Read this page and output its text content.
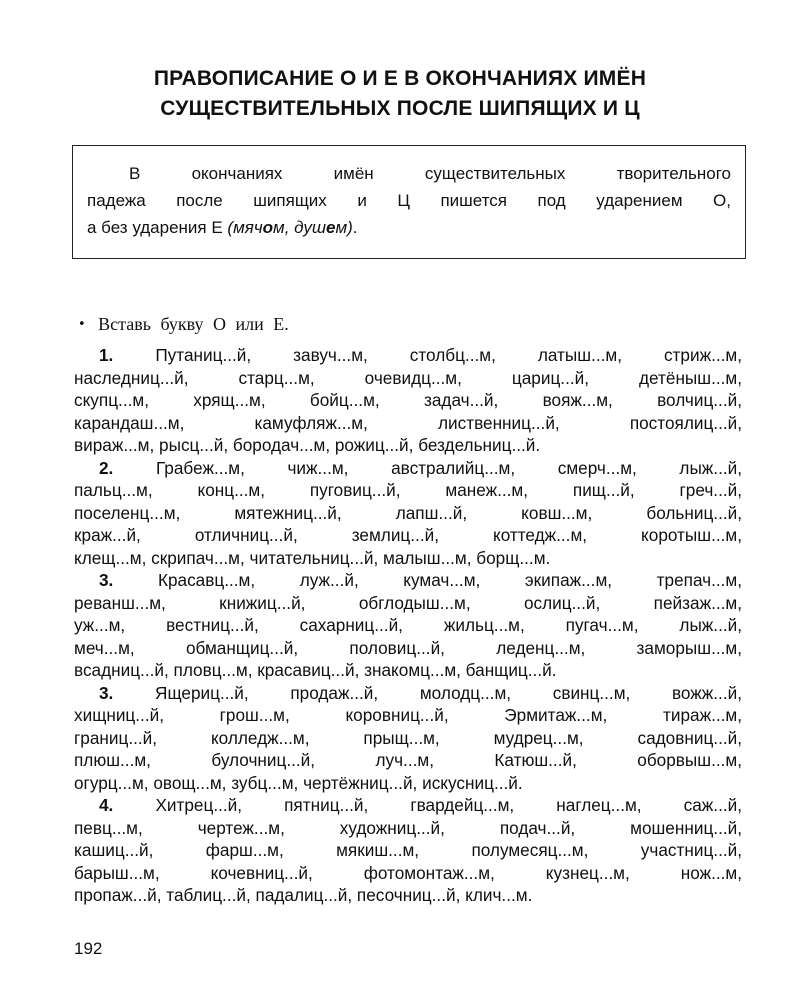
ПРАВОПИСАНИЕ О И Е В ОКОНЧАНИЯХ ИМЁН
СУЩЕСТВИТЕЛЬНЫХ ПОСЛЕ ШИПЯЩИХ И Ц
В окончаниях имён существительных творительного
падежа после шипящих и Ц пишется под ударением О,
а без ударения Е (мячом, душем).
• Вставь букву О или Е.
1. Путаниц...й, завуч...м, столбц...м, латыш...м, стриж...м,
наследниц...й, старц...м, очевидц...м, цариц...й, детёныш...м,
скупц...м, хрящ...м, бойц...м, задач...й, вояж...м, волчиц...й,
карандаш...м, камуфляж...м, лиственниц...й, постоялиц...й,
вираж...м, рысц...й, бородач...м, рожиц...й, бездельниц...й.
2. Грабеж...м, чиж...м, австралийц...м, смерч...м, лыж...й,
пальц...м, конц...м, пуговиц...й, манеж...м, пищ...й, греч...й,
поселенц...м, мятежниц...й, лапш...й, ковш...м, больниц...й,
краж...й, отличниц...й, землиц...й, коттедж...м, коротыш...м,
клещ...м, скрипач...м, читательниц...й, малыш...м, борщ...м.
3.	Красавц...м, луж...й, кумач...м, экипаж...м, трепач...м,
реванш...м, книжиц...й, обглодыш...м, ослиц...й, пейзаж...м,
уж...м, вестниц...й, сахарниц...й, жильц...м, пугач...м, лыж...й,
меч...м, обманщиц...й, половиц...й, леденц...м, заморыш...м,
всадниц...й, пловц...м, красавиц...й, знакомц...м, банщиц...й.
3. Ящериц...й, продаж...й, молодц...м, свинц...м, вожж...й,
хищниц...й, грош...м, коровниц...й, Эрмитаж...м, тираж...м,
границ...й, колледж...м, прыщ...м, мудрец...м, садовниц...й,
плюш...м, булочниц...й, луч...м, Катюш...й, оборвыш...м,
огурц...м, овощ...м, зубц...м, чертёжниц...й, искусниц...й.
4. Хитрец...й, пятниц...й, гвардейц...м, наглец...м, саж...й,
певц...м, чертеж...м, художниц...й, подач...й, мошенниц...й,
кашиц...й, фарш...м, мякиш...м, полумесяц...м, участниц...й,
барыш...м, кочевниц...й, фотомонтаж...м, кузнец...м, нож...м,
пропаж...й, таблиц...й, падалиц...й, песочниц...й, клич...м.
192
